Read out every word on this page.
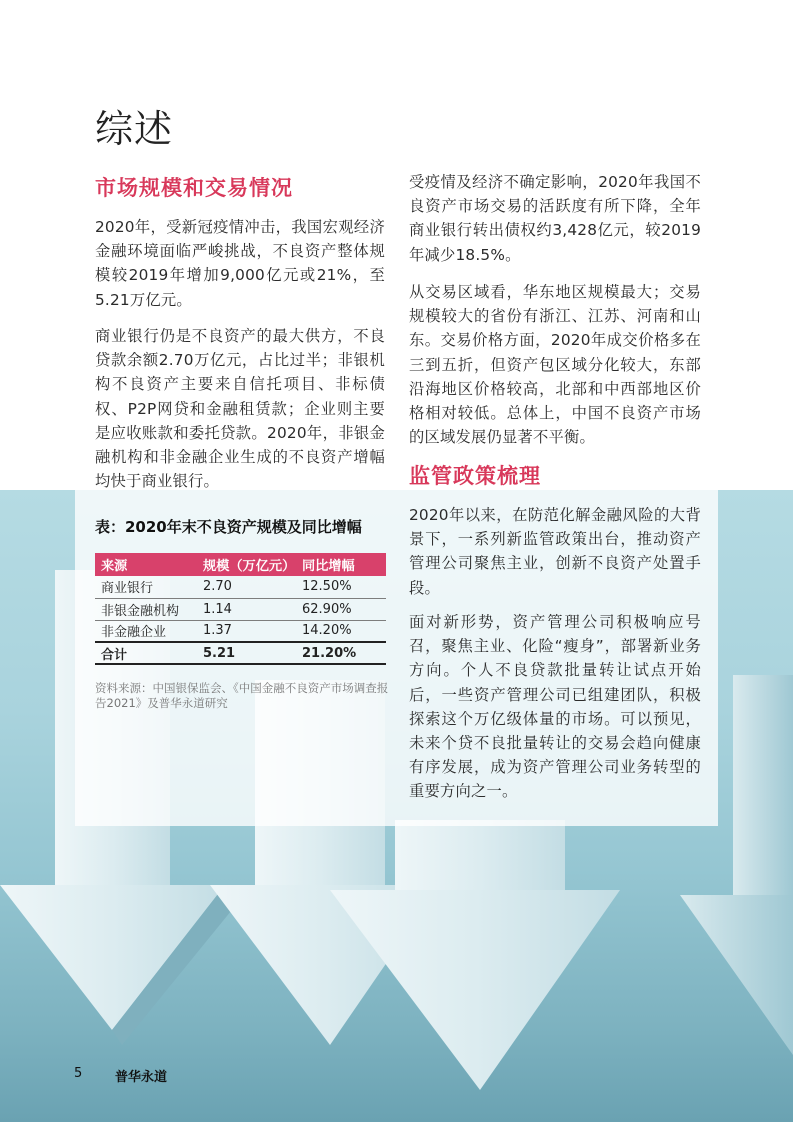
综述
市场规模和交易情况

2020年，受新冠疫情冲击，我国宏观经济金融环境面临严峻挑战，不良资产整体规模较2019年增加9,000亿元或21%，至5.21万亿元。

商业银行仍是不良资产的最大供方，不良贷款余额2.70万亿元，占比过半；非银机构不良资产主要来自信托项目、非标债权、P2P网贷和金融租赁款；企业则主要是应收账款和委托贷款。2020年，非银金融机构和非金融企业生成的不良资产增幅均快于商业银行。

受疫情及经济不确定影响，2020年我国不良资产市场交易的活跃度有所下降，全年商业银行转出债权约3,428亿元，较2019年减少18.5%。

从交易区域看，华东地区规模最大；交易规模较大的省份有浙江、江苏、河南和山东。交易价格方面，2020年成交价格多在三到五折，但资产包区域分化较大，东部沿海地区价格较高，北部和中西部地区价格相对较低。总体上，中国不良资产市场的区域发展仍显著不平衡。

监管政策梳理

2020年以来，在防范化解金融风险的大背景下，一系列新监管政策出台，推动资产管理公司聚焦主业，创新不良资产处置手段。

面对新形势，资产管理公司积极响应号召，聚焦主业、化险“瘦身”，部署新业务方向。个人不良贷款批量转让试点开始后，一些资产管理公司已组建团队，积极探索这个万亿级体量的市场。可以预见，未来个贷不良批量转让的交易会趋向健康有序发展，成为资产管理公司业务转型的重要方向之一。

表：2020年末不良资产规模及同比增幅
来源	规模（万亿元）	同比增幅
商业银行	2.70	12.50%
非银金融机构	1.14	62.90%
非金融企业	1.37	14.20%
合计	5.21	21.20%
资料来源：中国银保监会、《中国金融不良资产市场调查报告2021》及普华永道研究
5	普华永道
